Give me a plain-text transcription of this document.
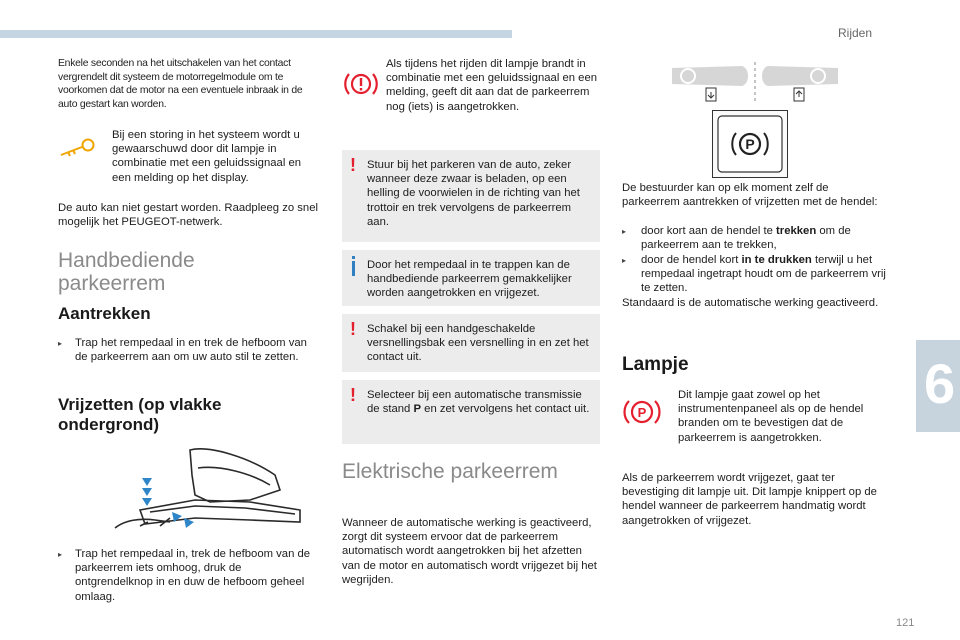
Rijden
6
121
Enkele seconden na het uitschakelen van het contact vergrendelt dit systeem de motorregelmodule om te voorkomen dat de motor na een eventuele inbraak in de auto gestart kan worden.
Bij een storing in het systeem wordt u gewaarschuwd door dit lampje in combinatie met een geluidssignaal en een melding op het display.
De auto kan niet gestart worden. Raadpleeg zo snel mogelijk het PEUGEOT-netwerk.
Handbediende parkeerrem
Aantrekken
▸ Trap het rempedaal in en trek de hefboom van de parkeerrem aan om uw auto stil te zetten.
Vrijzetten (op vlakke ondergrond)
▸ Trap het rempedaal in, trek de hefboom van de parkeerrem iets omhoog, druk de ontgrendelknop in en duw de hefboom geheel omlaag.
Als tijdens het rijden dit lampje brandt in combinatie met een geluidssignaal en een melding, geeft dit aan dat de parkeerrem nog (iets) is aangetrokken.
! Stuur bij het parkeren van de auto, zeker wanneer deze zwaar is beladen, op een helling de voorwielen in de richting van het trottoir en trek vervolgens de parkeerrem aan.
Door het rempedaal in te trappen kan de handbediende parkeerrem gemakkelijker worden aangetrokken en vrijgezet.
! Schakel bij een handgeschakelde versnellingsbak een versnelling in en zet het contact uit.
! Selecteer bij een automatische transmissie de stand P en zet vervolgens het contact uit.
Elektrische parkeerrem
Wanneer de automatische werking is geactiveerd, zorgt dit systeem ervoor dat de parkeerrem automatisch wordt aangetrokken bij het afzetten van de motor en automatisch wordt vrijgezet bij het wegrijden.
P
De bestuurder kan op elk moment zelf de parkeerrem aantrekken of vrijzetten met de hendel:
▸ door kort aan de hendel te trekken om de parkeerrem aan te trekken,
▸ door de hendel kort in te drukken terwijl u het rempedaal ingetrapt houdt om de parkeerrem vrij te zetten.
Standaard is de automatische werking geactiveerd.
Lampje
P
Dit lampje gaat zowel op het instrumentenpaneel als op de hendel branden om te bevestigen dat de parkeerrem is aangetrokken.
Als de parkeerrem wordt vrijgezet, gaat ter bevestiging dit lampje uit. Dit lampje knippert op de hendel wanneer de parkeerrem handmatig wordt aangetrokken of vrijgezet.
